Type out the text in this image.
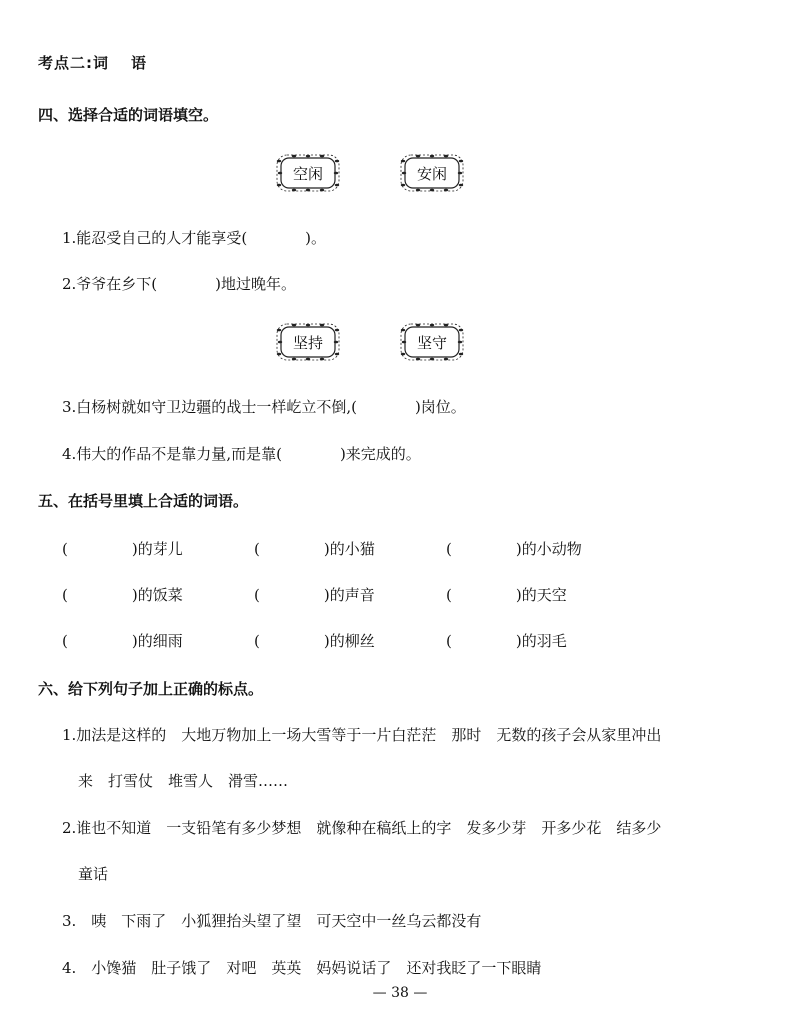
考点二:词 语
四、选择合适的词语填空。
空闲	安闲
1.能忍受自己的人才能享受(	)。
2.爷爷在乡下(	)地过晚年。
坚持	坚守
3.白杨树就如守卫边疆的战士一样屹立不倒,(	)岗位。
4.伟大的作品不是靠力量,而是靠(	)来完成的。
五、在括号里填上合适的词语。
(	)的芽儿	(	)的小猫	(	)的小动物
(	)的饭菜	(	)的声音	(	)的天空
(	)的细雨	(	)的柳丝	(	)的羽毛
六、给下列句子加上正确的标点。
1.加法是这样的　大地万物加上一场大雪等于一片白茫茫　那时　无数的孩子会从家里冲出
来　打雪仗　堆雪人　滑雪……
2.谁也不知道　一支铅笔有多少梦想　就像种在稿纸上的字　发多少芽　开多少花　结多少
童话
3.　咦　下雨了　小狐狸抬头望了望　可天空中一丝乌云都没有
4.　小馋猫　肚子饿了　对吧　英英　妈妈说话了　还对我眨了一下眼睛
— 38 —
